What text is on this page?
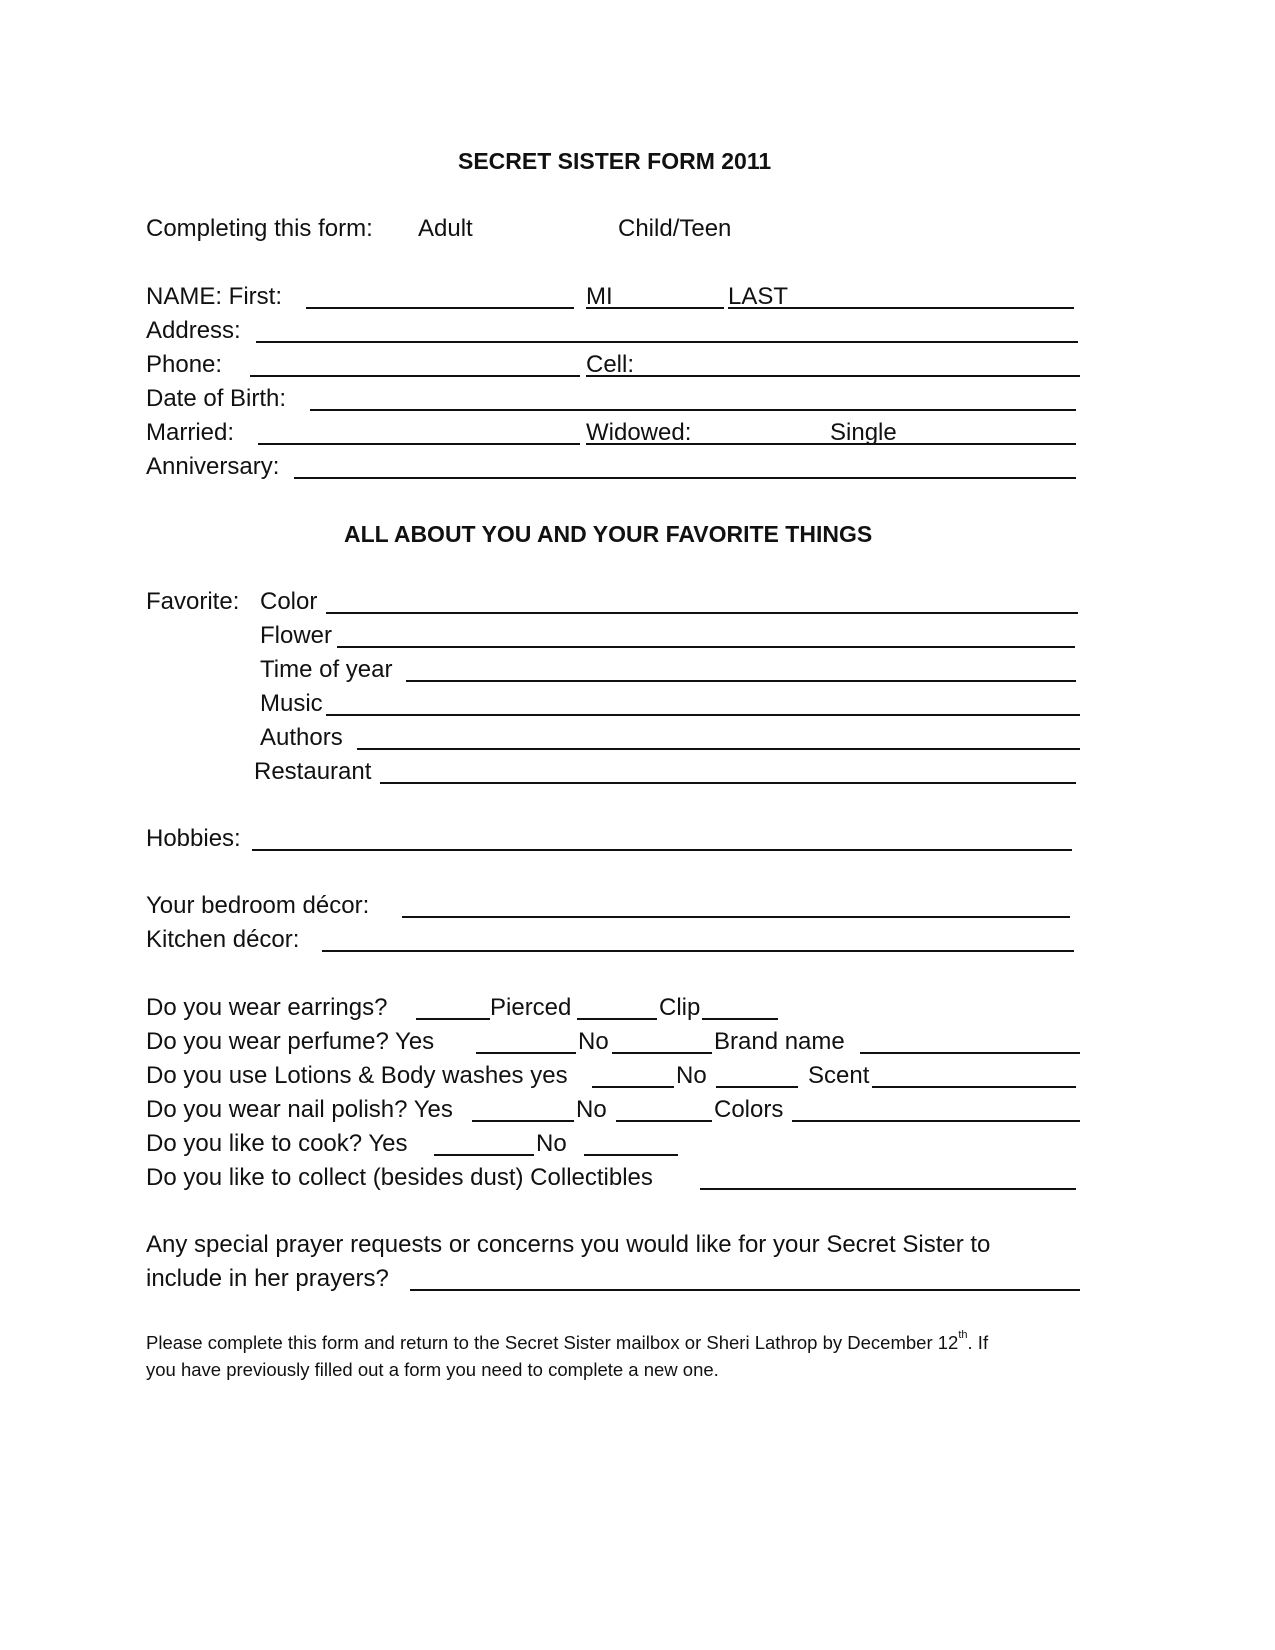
SECRET SISTER FORM 2011
Completing this form: Adult	Child/Teen
NAME: First:	MI	LAST
Address:
Phone:	Cell:
Date of Birth:
Married:	Widowed:	Single
Anniversary:
ALL ABOUT YOU AND YOUR FAVORITE THINGS
Favorite: Color
Flower
Time of year
Music
Authors
Restaurant
Hobbies:
Your bedroom décor:
Kitchen décor:
Do you wear earrings?	Pierced	Clip
Do you wear perfume? Yes	No	Brand name
Do you use Lotions & Body washes yes	No	Scent
Do you wear nail polish? Yes	No	Colors
Do you like to cook? Yes	No
Do you like to collect (besides dust) Collectibles
Any special prayer requests or concerns you would like for your Secret Sister to
include in her prayers?
Please complete this form and return to the Secret Sister mailbox or Sheri Lathrop by December 12th. If
you have previously filled out a form you need to complete a new one.
